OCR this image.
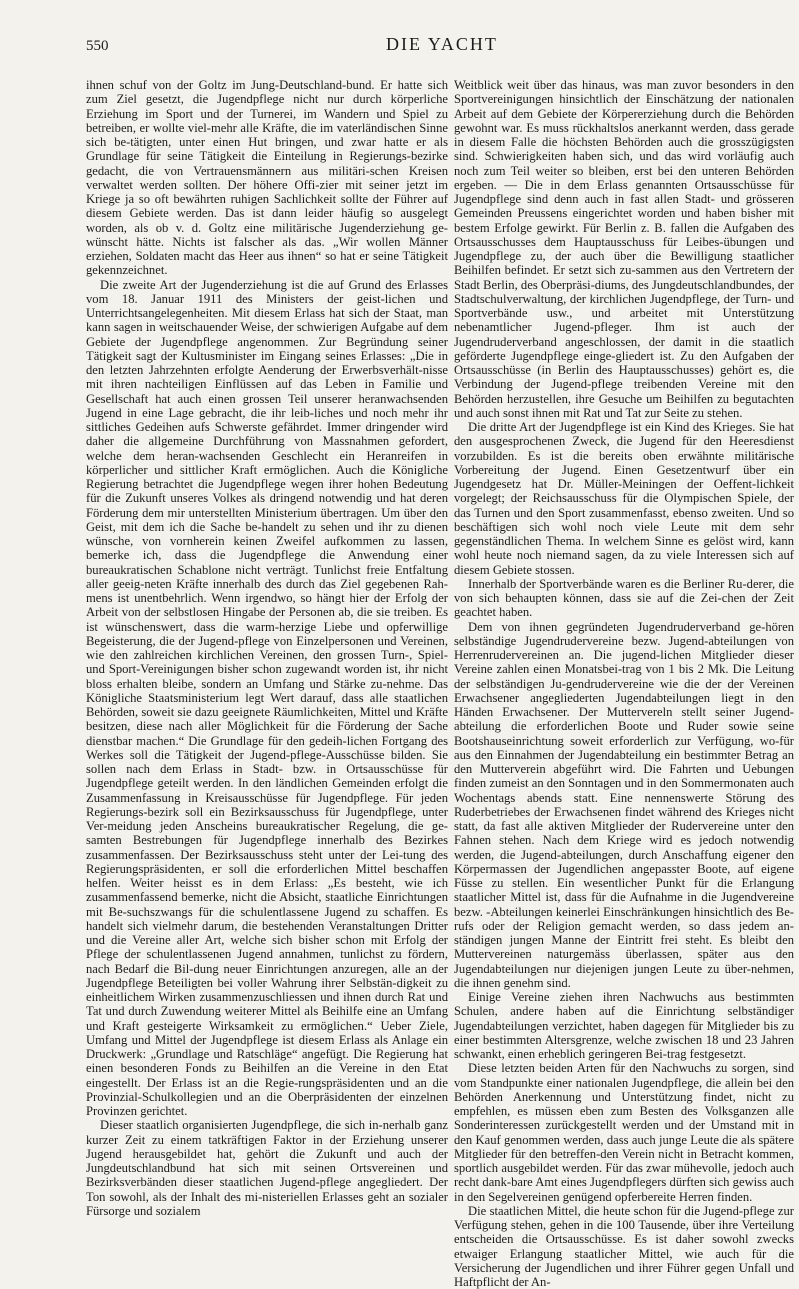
550	DIE YACHT

ihnen schuf von der Goltz im Jung-Deutschland-bund. Er hatte sich zum Ziel gesetzt, die Jugendpflege nicht nur durch körperliche Erziehung im Sport und der Turnerei, im Wandern und Spiel zu betreiben, er wollte viel-mehr alle Kräfte, die im vaterländischen Sinne sich be-tätigten, unter einen Hut bringen, und zwar hatte er als Grundlage für seine Tätigkeit die Einteilung in Regierungs-bezirke gedacht, die von Vertrauensmännern aus militäri-schen Kreisen verwaltet werden sollten. Der höhere Offi-zier mit seiner jetzt im Kriege ja so oft bewährten ruhigen Sachlichkeit sollte der Führer auf diesem Gebiete werden. Das ist dann leider häufig so ausgelegt worden, als ob v. d. Goltz eine militärische Jugenderziehung ge-wünscht hätte. Nichts ist falscher als das. „Wir wollen Männer erziehen, Soldaten macht das Heer aus ihnen“ so hat er seine Tätigkeit gekennzeichnet.

Die zweite Art der Jugenderziehung ist die auf Grund des Erlasses vom 18. Januar 1911 des Ministers der geist-lichen und Unterrichtsangelegenheiten. Mit diesem Erlass hat sich der Staat, man kann sagen in weitschauender Weise, der schwierigen Aufgabe auf dem Gebiete der Jugendpflege angenommen. Zur Begründung seiner Tätigkeit sagt der Kultusminister im Eingang seines Erlasses: „Die in den letzten Jahrzehnten erfolgte Aenderung der Erwerbsverhält-nisse mit ihren nachteiligen Einflüssen auf das Leben in Familie und Gesellschaft hat auch einen grossen Teil unserer heranwachsenden Jugend in eine Lage gebracht, die ihr leib-liches und noch mehr ihr sittliches Gedeihen aufs Schwerste gefährdet. Immer dringender wird daher die allgemeine Durchführung von Massnahmen gefordert, welche dem heran-wachsenden Geschlecht ein Heranreifen in körperlicher und sittlicher Kraft ermöglichen. Auch die Königliche Regierung betrachtet die Jugendpflege wegen ihrer hohen Bedeutung für die Zukunft unseres Volkes als dringend notwendig und hat deren Förderung dem mir unterstellten Ministerium übertragen. Um über den Geist, mit dem ich die Sache be-handelt zu sehen und ihr zu dienen wünsche, von vornherein keinen Zweifel aufkommen zu lassen, bemerke ich, dass die Jugendpflege die Anwendung einer bureaukratischen Schablone nicht verträgt. Tunlichst freie Entfaltung aller geeig-neten Kräfte innerhalb des durch das Ziel gegebenen Rah-mens ist unentbehrlich. Wenn irgendwo, so hängt hier der Erfolg der Arbeit von der selbstlosen Hingabe der Personen ab, die sie treiben. Es ist wünschenswert, dass die warm-herzige Liebe und opferwillige Begeisterung, die der Jugend-pflege von Einzelpersonen und Vereinen, wie den zahlreichen kirchlichen Vereinen, den grossen Turn-, Spiel- und Sport-Vereinigungen bisher schon zugewandt worden ist, ihr nicht bloss erhalten bleibe, sondern an Umfang und Stärke zu-nehme. Das Königliche Staatsministerium legt Wert darauf, dass alle staatlichen Behörden, soweit sie dazu geeignete Räumlichkeiten, Mittel und Kräfte besitzen, diese nach aller Möglichkeit für die Förderung der Sache dienstbar machen.“ Die Grundlage für den gedeih-lichen Fortgang des Werkes soll die Tätigkeit der Jugend-pflege-Ausschüsse bilden. Sie sollen nach dem Erlass in Stadt- bzw. in Ortsausschüsse für Jugendpflege geteilt werden. In den ländlichen Gemeinden erfolgt die Zusammenfassung in Kreisausschüsse für Jugendpflege. Für jeden Regierungs-bezirk soll ein Bezirksausschuss für Jugendpflege, unter Ver-meidung jeden Anscheins bureaukratischer Regelung, die ge-samten Bestrebungen für Jugendpflege innerhalb des Bezirkes zusammenfassen. Der Bezirksausschuss steht unter der Lei-tung des Regierungspräsidenten, er soll die erforderlichen Mittel beschaffen helfen. Weiter heisst es in dem Erlass: „Es besteht, wie ich zusammenfassend bemerke, nicht die Absicht, staatliche Einrichtungen mit Be-suchszwangs für die schulentlassene Jugend zu schaffen. Es handelt sich vielmehr darum, die bestehenden Veranstaltungen Dritter und die Vereine aller Art, welche sich bisher schon mit Erfolg der Pflege der schulentlassenen Jugend annahmen, tunlichst zu fördern, nach Bedarf die Bil-dung neuer Einrichtungen anzuregen, alle an der Jugendpflege Beteiligten bei voller Wahrung ihrer Selbstän-digkeit zu einheitlichem Wirken zusammenzuschliessen und ihnen durch Rat und Tat und durch Zuwendung weiterer Mittel als Beihilfe eine an Umfang und Kraft gesteigerte Wirksamkeit zu ermöglichen.“ Ueber Ziele, Umfang und Mittel der Jugendpflege ist diesem Erlass als Anlage ein Druckwerk: „Grundlage und Ratschläge“ angefügt. Die Regierung hat einen besonderen Fonds zu Beihilfen an die Vereine in den Etat eingestellt. Der Erlass ist an die Regie-rungspräsidenten und an die Provinzial-Schulkollegien und an die Oberpräsidenten der einzelnen Provinzen gerichtet.

Dieser staatlich organisierten Jugendpflege, die sich in-nerhalb ganz kurzer Zeit zu einem tatkräftigen Faktor in der Erziehung unserer Jugend herausgebildet hat, gehört die Zukunft und auch der Jungdeutschlandbund hat sich mit seinen Ortsvereinen und Bezirksverbänden dieser staatlichen Jugend-pflege angegliedert. Der Ton sowohl, als der Inhalt des mi-nisteriellen Erlasses geht an sozialer Fürsorge und sozialem

Weitblick weit über das hinaus, was man zuvor besonders in den Sportvereinigungen hinsichtlich der Einschätzung der nationalen Arbeit auf dem Gebiete der Körpererziehung durch die Behörden gewohnt war. Es muss rückhaltslos anerkannt werden, dass gerade in diesem Falle die höchsten Behörden auch die grosszügigsten sind. Schwierigkeiten haben sich, und das wird vorläufig auch noch zum Teil weiter so bleiben, erst bei den unteren Behörden ergeben. — Die in dem Erlass genannten Ortsausschüsse für Jugendpflege sind denn auch in fast allen Stadt- und grösseren Gemeinden Preussens eingerichtet worden und haben bisher mit bestem Erfolge gewirkt. Für Berlin z. B. fallen die Aufgaben des Ortsausschusses dem Hauptausschuss für Leibes-übungen und Jugendpflege zu, der auch über die Bewilligung staatlicher Beihilfen befindet. Er setzt sich zu-sammen aus den Vertretern der Stadt Berlin, des Oberpräsi-diums, des Jungdeutschlandbundes, der Stadtschulverwaltung, der kirchlichen Jugendpflege, der Turn- und Sportverbände usw., und arbeitet mit Unterstützung nebenamtlicher Jugend-pfleger. Ihm ist auch der Jugendruderverband angeschlossen, der damit in die staatlich geförderte Jugendpflege einge-gliedert ist. Zu den Aufgaben der Ortsausschüsse (in Berlin des Hauptausschusses) gehört es, die Verbindung der Jugend-pflege treibenden Vereine mit den Behörden herzustellen, ihre Gesuche um Beihilfen zu begutachten und auch sonst ihnen mit Rat und Tat zur Seite zu stehen.

Die dritte Art der Jugendpflege ist ein Kind des Krieges. Sie hat den ausgesprochenen Zweck, die Jugend für den Heeresdienst vorzubilden. Es ist die bereits oben erwähnte militärische Vorbereitung der Jugend. Einen Gesetzentwurf über ein Jugendgesetz hat Dr. Müller-Meiningen der Oeffent-lichkeit vorgelegt; der Reichsausschuss für die Olympischen Spiele, der das Turnen und den Sport zusammenfasst, ebenso zweiten. Und so beschäftigen sich wohl noch viele Leute mit dem sehr gegenständlichen Thema. In welchem Sinne es gelöst wird, kann wohl heute noch niemand sagen, da zu viele Interessen sich auf diesem Gebiete stossen.

Innerhalb der Sportverbände waren es die Berliner Ru-derer, die von sich behaupten können, dass sie auf die Zei-chen der Zeit geachtet haben.

Dem von ihnen gegründeten Jugendruderverband ge-hören selbständige Jugendrudervereine bezw. Jugend-abteilungen von Herrenrudervereinen an. Die jugend-lichen Mitglieder dieser Vereine zahlen einen Monatsbei-trag von 1 bis 2 Mk. Die Leitung der selbständigen Ju-gendrudervereine wie die der der Vereinen Erwachsener angegliederten Jugendabteilungen liegt in den Händen Erwachsener. Der Muttervereln stellt seiner Jugend-abteilung die erforderlichen Boote und Ruder sowie seine Bootshauseinrichtung soweit erforderlich zur Verfügung, wo-für aus den Einnahmen der Jugendabteilung ein bestimmter Betrag an den Mutterverein abgeführt wird. Die Fahrten und Uebungen finden zumeist an den Sonntagen und in den Sommermonaten auch Wochentags abends statt. Eine nennenswerte Störung des Ruderbetriebes der Erwachsenen findet während des Krieges nicht statt, da fast alle aktiven Mitglieder der Rudervereine unter den Fahnen stehen. Nach dem Kriege wird es jedoch notwendig werden, die Jugend-abteilungen, durch Anschaffung eigener den Körpermassen der Jugendlichen angepasster Boote, auf eigene Füsse zu stellen. Ein wesentlicher Punkt für die Erlangung staatlicher Mittel ist, dass für die Aufnahme in die Jugendvereine bezw. -Abteilungen keinerlei Einschränkungen hinsichtlich des Be-rufs oder der Religion gemacht werden, so dass jedem an-ständigen jungen Manne der Eintritt frei steht. Es bleibt den Muttervereinen naturgemäss überlassen, später aus den Jugendabteilungen nur diejenigen jungen Leute zu über-nehmen, die ihnen genehm sind.

Einige Vereine ziehen ihren Nachwuchs aus bestimmten Schulen, andere haben auf die Einrichtung selbständiger Jugendabteilungen verzichtet, haben dagegen für Mitglieder bis zu einer bestimmten Altersgrenze, welche zwischen 18 und 23 Jahren schwankt, einen erheblich geringeren Bei-trag festgesetzt.

Diese letzten beiden Arten für den Nachwuchs zu sorgen, sind vom Standpunkte einer nationalen Jugendpflege, die allein bei den Behörden Anerkennung und Unterstützung findet, nicht zu empfehlen, es müssen eben zum Besten des Volksganzen alle Sonderinteressen zurückgestellt werden und der Umstand mit in den Kauf genommen werden, dass auch junge Leute die als spätere Mitglieder für den betreffen-den Verein nicht in Betracht kommen, sportlich ausgebildet werden. Für das zwar mühevolle, jedoch auch recht dank-bare Amt eines Jugendpflegers dürften sich gewiss auch in den Segelvereinen genügend opferbereite Herren finden.

Die staatlichen Mittel, die heute schon für die Jugend-pflege zur Verfügung stehen, gehen in die 100 Tausende, über ihre Verteilung entscheiden die Ortsausschüsse. Es ist daher sowohl zwecks etwaiger Erlangung staatlicher Mittel, wie auch für die Versicherung der Jugendlichen und ihrer Führer gegen Unfall und Haftpflicht der An-
